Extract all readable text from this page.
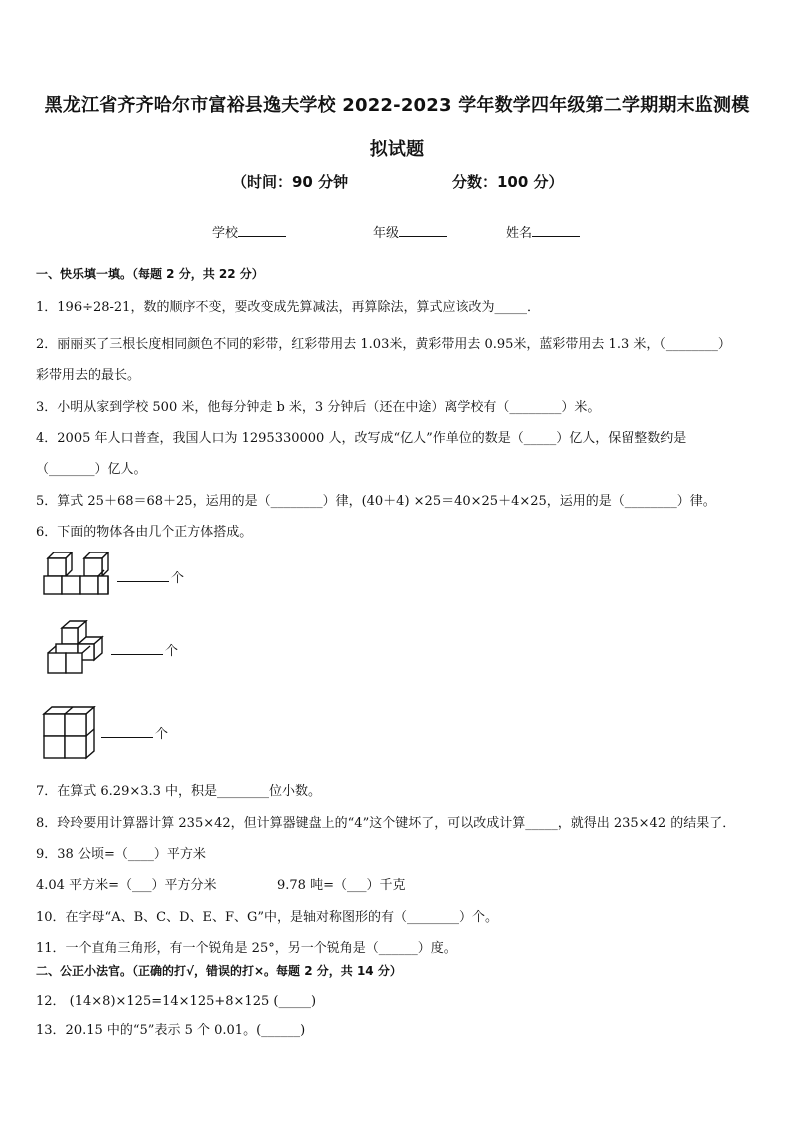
黑龙江省齐齐哈尔市富裕县逸夫学校 2022-2023 学年数学四年级第二学期期末监测模
拟试题
（时间：90 分钟	分数：100 分）
学校	年级	姓名
一、快乐填一填。（每题 2 分，共 22 分）
1．196÷28-21，数的顺序不变，要改变成先算减法，再算除法，算式应该改为_____．
2．丽丽买了三根长度相同颜色不同的彩带，红彩带用去 1.03米，黄彩带用去 0.95米，蓝彩带用去 1.3 米，（________）
彩带用去的最长。
3．小明从家到学校 500 米，他每分钟走 b 米，3 分钟后（还在中途）离学校有（________）米。
4．2005 年人口普查，我国人口为 1295330000 人，改写成“亿人”作单位的数是（_____）亿人，保留整数约是
（_______）亿人。
5．算式 25＋68＝68＋25，运用的是（________）律，(40＋4) ×25＝40×25＋4×25，运用的是（________）律。
6．下面的物体各由几个正方体搭成。
个
个
个
7．在算式 6.29×3.3 中，积是________位小数。
8．玲玲要用计算器计算 235×42，但计算器键盘上的“4”这个键坏了，可以改成计算_____，就得出 235×42 的结果了．
9．38 公顷=（____）平方米
4.04 平方米=（___）平方分米	9.78 吨=（___）千克
10．在字母“A、B、C、D、E、F、G”中，是轴对称图形的有（________）个。
11．一个直角三角形，有一个锐角是 25°，另一个锐角是（______）度。
二、公正小法官。（正确的打√，错误的打×。每题 2 分，共 14 分）
12． (14×8)×125=14×125+8×125 (_____)
13．20.15 中的“5”表示 5 个 0.01。(______)
